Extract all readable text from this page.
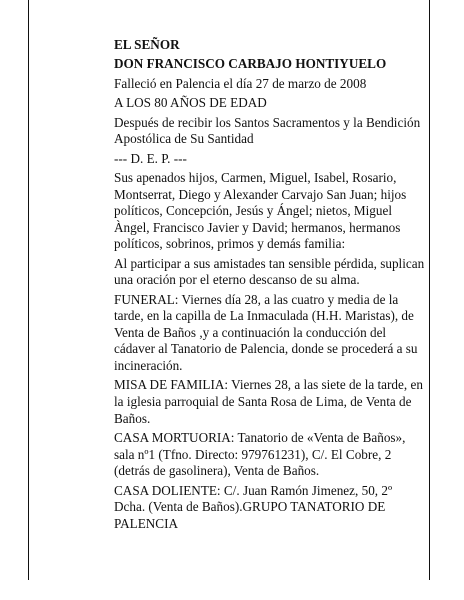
EL SEÑOR

DON FRANCISCO CARBAJO HONTIYUELO

Falleció en Palencia el día 27 de marzo de 2008

A LOS 80 AÑOS DE EDAD

Después de recibir los Santos Sacramentos y la Bendición Apostólica de Su Santidad

--- D. E. P. ---

Sus apenados hijos, Carmen, Miguel, Isabel, Rosario, Montserrat, Diego y Alexander Carvajo San Juan; hijos políticos, Concepción, Jesús y Ángel; nietos, Miguel Àngel, Francisco Javier y David; hermanos, hermanos políticos, sobrinos, primos y demás familia:

Al participar a sus amistades tan sensible pérdida, suplican una oración por el eterno descanso de su alma.

FUNERAL: Viernes día 28, a las cuatro y media de la tarde, en la capilla de La Inmaculada (H.H. Maristas), de Venta de Baños ,y a continuación la conducción del cádaver al Tanatorio de Palencia, donde se procederá a su incineración.

MISA DE FAMILIA: Viernes 28, a las siete de la tarde, en la iglesia parroquial de Santa Rosa de Lima, de Venta de Baños.

CASA MORTUORIA: Tanatorio de «Venta de Baños», sala nº1 (Tfno. Directo: 979761231), C/. El Cobre, 2 (detrás de gasolinera), Venta de Baños.

CASA DOLIENTE: C/. Juan Ramón Jimenez, 50, 2º Dcha. (Venta de Baños).GRUPO TANATORIO DE PALENCIA
